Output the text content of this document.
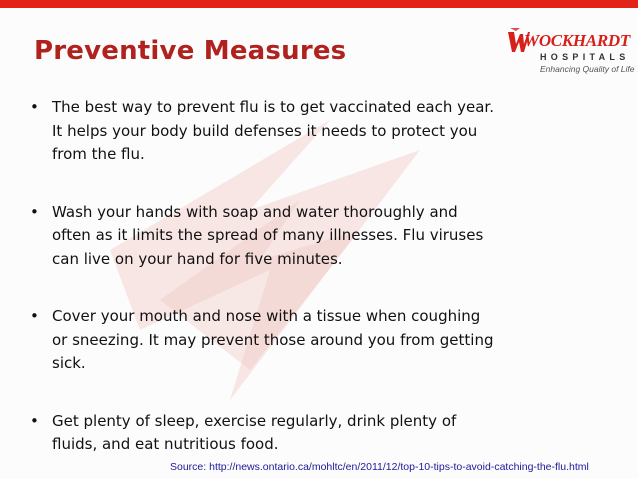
Preventive Measures	WOCKHARDT
HOSPITALS
Enhancing Quality of Life
• The best way to prevent flu is to get vaccinated each year. It helps your body build defenses it needs to protect you from the flu.
• Wash your hands with soap and water thoroughly and often as it limits the spread of many illnesses. Flu viruses can live on your hand for five minutes.
• Cover your mouth and nose with a tissue when coughing or sneezing. It may prevent those around you from getting sick.
• Get plenty of sleep, exercise regularly, drink plenty of fluids, and eat nutritious food.
Source: http://news.ontario.ca/mohltc/en/2011/12/top-10-tips-to-avoid-catching-the-flu.html
